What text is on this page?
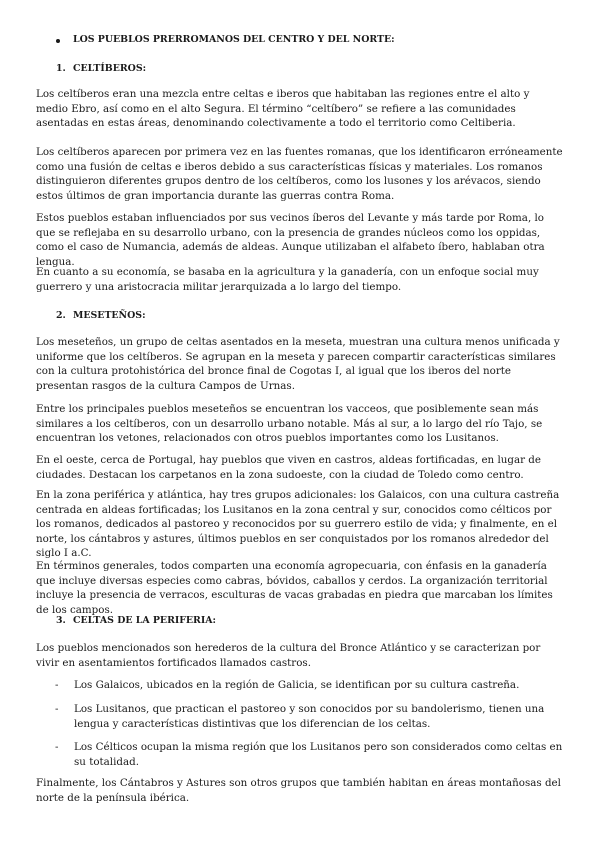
LOS PUEBLOS PRERROMANOS DEL CENTRO Y DEL NORTE:
1. CELTÍBEROS:

Los celtíberos eran una mezcla entre celtas e iberos que habitaban las regiones entre el alto y medio Ebro, así como en el alto Segura. El término “celtíbero” se refiere a las comunidades asentadas en estas áreas, denominando colectivamente a todo el territorio como Celtiberia.

Los celtíberos aparecen por primera vez en las fuentes romanas, que los identificaron erróneamente como una fusión de celtas e iberos debido a sus características físicas y materiales. Los romanos distinguieron diferentes grupos dentro de los celtíberos, como los lusones y los arévacos, siendo estos últimos de gran importancia durante las guerras contra Roma.

Estos pueblos estaban influenciados por sus vecinos íberos del Levante y más tarde por Roma, lo que se reflejaba en su desarrollo urbano, con la presencia de grandes núcleos como los oppidas, como el caso de Numancia, además de aldeas. Aunque utilizaban el alfabeto íbero, hablaban otra lengua.

En cuanto a su economía, se basaba en la agricultura y la ganadería, con un enfoque social muy guerrero y una aristocracia militar jerarquizada a lo largo del tiempo.

2. MESETEÑOS:

Los meseteños, un grupo de celtas asentados en la meseta, muestran una cultura menos unificada y uniforme que los celtíberos. Se agrupan en la meseta y parecen compartir características similares con la cultura protohistórica del bronce final de Cogotas I, al igual que los iberos del norte presentan rasgos de la cultura Campos de Urnas.

Entre los principales pueblos meseteños se encuentran los vacceos, que posiblemente sean más similares a los celtíberos, con un desarrollo urbano notable. Más al sur, a lo largo del río Tajo, se encuentran los vetones, relacionados con otros pueblos importantes como los Lusitanos.

En el oeste, cerca de Portugal, hay pueblos que viven en castros, aldeas fortificadas, en lugar de ciudades. Destacan los carpetanos en la zona sudoeste, con la ciudad de Toledo como centro.

En la zona periférica y atlántica, hay tres grupos adicionales: los Galaicos, con una cultura castreña centrada en aldeas fortificadas; los Lusitanos en la zona central y sur, conocidos como célticos por los romanos, dedicados al pastoreo y reconocidos por su guerrero estilo de vida; y finalmente, en el norte, los cántabros y astures, últimos pueblos en ser conquistados por los romanos alrededor del siglo I a.C.

En términos generales, todos comparten una economía agropecuaria, con énfasis en la ganadería que incluye diversas especies como cabras, bóvidos, caballos y cerdos. La organización territorial incluye la presencia de verracos, esculturas de vacas grabadas en piedra que marcaban los límites de los campos.

3. CELTAS DE LA PERIFERIA:

Los pueblos mencionados son herederos de la cultura del Bronce Atlántico y se caracterizan por vivir en asentamientos fortificados llamados castros.

- Los Galaicos, ubicados en la región de Galicia, se identifican por su cultura castreña.

- Los Lusitanos, que practican el pastoreo y son conocidos por su bandolerismo, tienen una lengua y características distintivas que los diferencian de los celtas.

- Los Célticos ocupan la misma región que los Lusitanos pero son considerados como celtas en su totalidad.

Finalmente, los Cántabros y Astures son otros grupos que también habitan en áreas montañosas del norte de la península ibérica.
